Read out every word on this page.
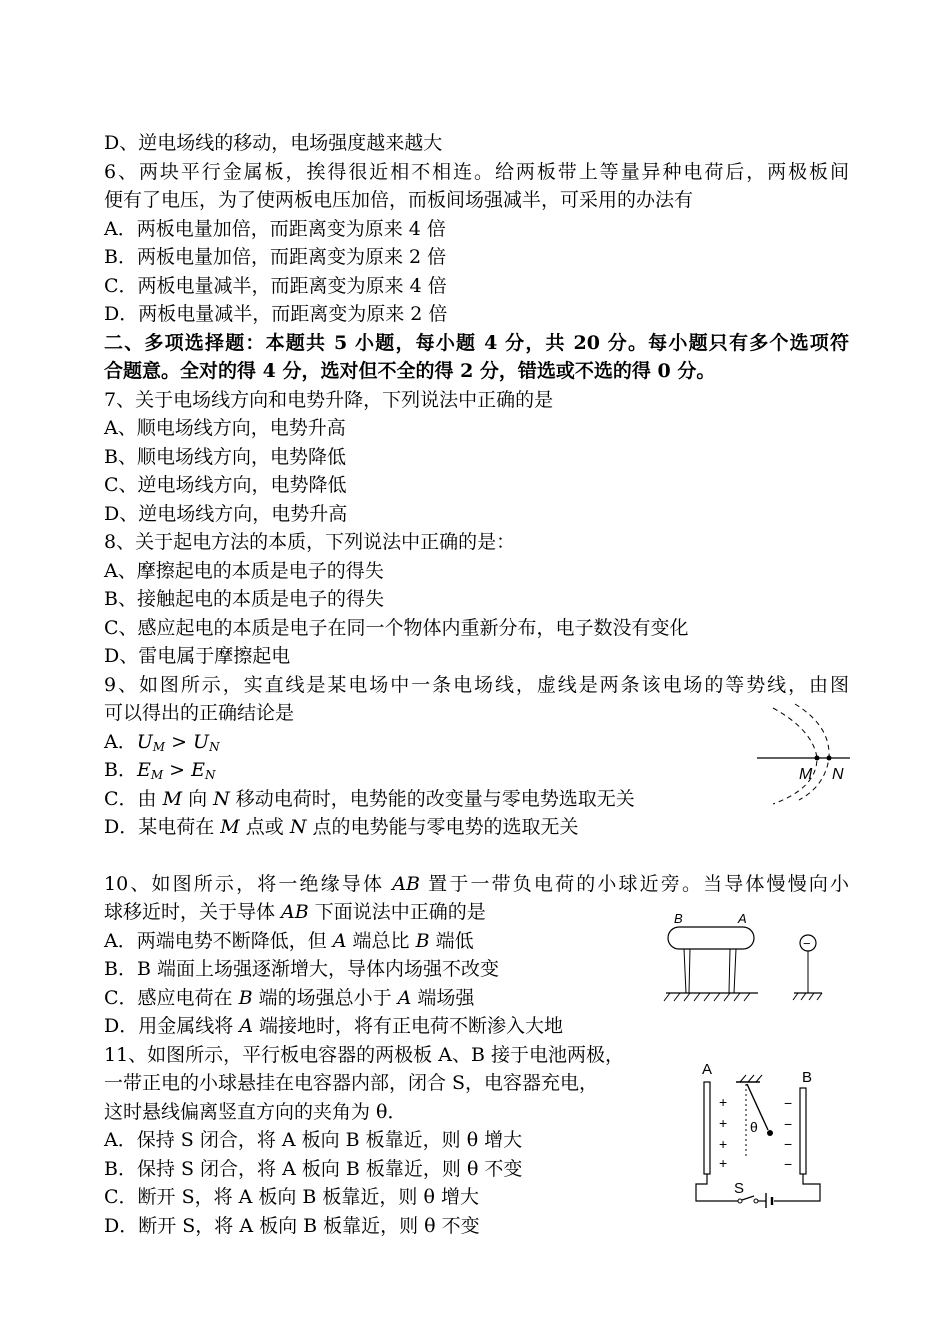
D、逆电场线的移动，电场强度越来越大
6、两块平行金属板，挨得很近相不相连。给两板带上等量异种电荷后，两极板间
便有了电压，为了使两板电压加倍，而板间场强减半，可采用的办法有
A．两板电量加倍，而距离变为原来 4 倍
B．两板电量加倍，而距离变为原来 2 倍
C．两板电量减半，而距离变为原来 4 倍
D．两板电量减半，而距离变为原来 2 倍
二、多项选择题：本题共 5 小题，每小题 4 分，共 20 分。每小题只有多个选项符
合题意。全对的得 4 分，选对但不全的得 2 分，错选或不选的得 0 分。
7、关于电场线方向和电势升降，下列说法中正确的是
A、顺电场线方向，电势升高
B、顺电场线方向，电势降低
C、逆电场线方向，电势降低
D、逆电场线方向，电势升高
8、关于起电方法的本质，下列说法中正确的是：
A、摩擦起电的本质是电子的得失
B、接触起电的本质是电子的得失
C、感应起电的本质是电子在同一个物体内重新分布，电子数没有变化
D、雷电属于摩擦起电
9、如图所示，实直线是某电场中一条电场线，虚线是两条该电场的等势线，由图
可以得出的正确结论是
A．$U_M > U_N$
B．$E_M > E_N$
C．由 M 向 N 移动电荷时，电势能的改变量与零电势选取无关
D．某电荷在 M 点或 N 点的电势能与零电势的选取无关
10、如图所示，将一绝缘导体 AB 置于一带负电荷的小球近旁。当导体慢慢向小
球移近时，关于导体 AB 下面说法中正确的是
A．两端电势不断降低，但 A 端总比 B 端低
B．B 端面上场强逐渐增大，导体内场强不改变
C．感应电荷在 B 端的场强总小于 A 端场强
D．用金属线将 A 端接地时，将有正电荷不断渗入大地
11、如图所示，平行板电容器的两极板 A、B 接于电池两极，
一带正电的小球悬挂在电容器内部，闭合 S，电容器充电，
这时悬线偏离竖直方向的夹角为 θ．
A．保持 S 闭合，将 A 板向 B 板靠近，则 θ 增大
B．保持 S 闭合，将 A 板向 B 板靠近，则 θ 不变
C．断开 S，将 A 板向 B 板靠近，则 θ 增大
D．断开 S，将 A 板向 B 板靠近，则 θ 不变
M N
B	A
−
A	B
+
+
+
+
−
−
−
−
θ
S
